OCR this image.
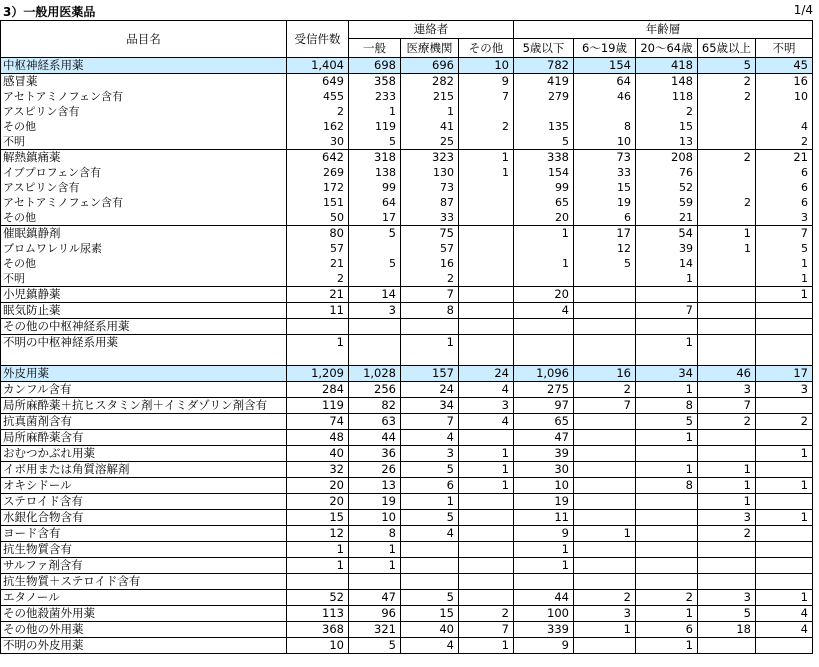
3）一般用医薬品	1/4
品目名	受信件数	連絡者			年齢層				
		一般	医療機関	その他	5歳以下	6～19歳	20～64歳	65歳以上	不明
中枢神経系用薬	1,404	698	696	10	782	154	418	5	45
感冒薬	649	358	282	9	419	64	148	2	16
アセトアミノフェン含有	455	233	215	7	279	46	118	2	10
アスピリン含有	2	1	1				2		
その他	162	119	41	2	135	8	15		4
不明	30	5	25		5	10	13		2
解熱鎮痛薬	642	318	323	1	338	73	208	2	21
イブプロフェン含有	269	138	130	1	154	33	76		6
アスピリン含有	172	99	73		99	15	52		6
アセトアミノフェン含有	151	64	87		65	19	59	2	6
その他	50	17	33		20	6	21		3
催眠鎮静剤	80	5	75		1	17	54	1	7
ブロムワレリル尿素	57		57			12	39	1	5
その他	21	5	16		1	5	14		1
不明	2		2				1		1
小児鎮静薬	21	14	7		20				1
眠気防止薬	11	3	8		4		7		
その他の中枢神経系用薬									
不明の中枢神経系用薬	1		1				1		

外皮用薬	1,209	1,028	157	24	1,096	16	34	46	17
カンフル含有	284	256	24	4	275	2	1	3	3
局所麻酔薬＋抗ヒスタミン剤＋イミダゾリン剤含有	119	82	34	3	97	7	8	7	
抗真菌剤含有	74	63	7	4	65		5	2	2
局所麻酔薬含有	48	44	4		47		1		
おむつかぶれ用薬	40	36	3	1	39				1
イボ用または角質溶解剤	32	26	5	1	30		1	1	
オキシドール	20	13	6	1	10		8	1	1
ステロイド含有	20	19	1		19			1	
水銀化合物含有	15	10	5		11			3	1
ヨード含有	12	8	4		9	1		2	
抗生物質含有	1	1			1				
サルファ剤含有	1	1			1				
抗生物質＋ステロイド含有									
エタノール	52	47	5		44	2	2	3	1
その他殺菌外用薬	113	96	15	2	100	3	1	5	4
その他の外用薬	368	321	40	7	339	1	6	18	4
不明の外皮用薬	10	5	4	1	9		1		
